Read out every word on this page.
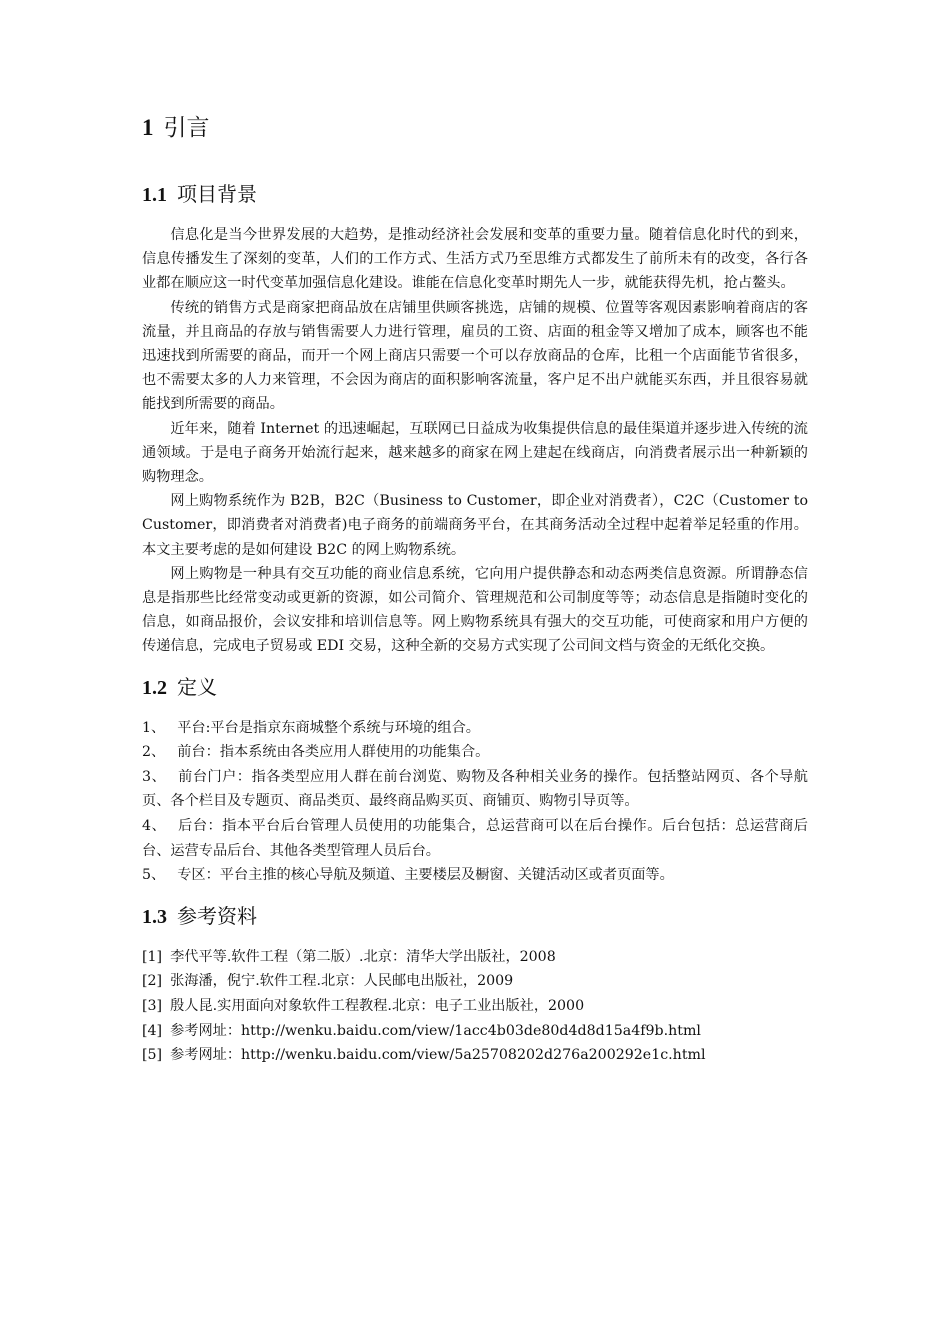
1 引言
1.1 项目背景

信息化是当今世界发展的大趋势，是推动经济社会发展和变革的重要力量。随着信息化时代的到来，信息传播发生了深刻的变革，人们的工作方式、生活方式乃至思维方式都发生了前所未有的改变，各行各业都在顺应这一时代变革加强信息化建设。谁能在信息化变革时期先人一步，就能获得先机，抢占鳌头。

传统的销售方式是商家把商品放在店铺里供顾客挑选，店铺的规模、位置等客观因素影响着商店的客流量，并且商品的存放与销售需要人力进行管理，雇员的工资、店面的租金等又增加了成本，顾客也不能迅速找到所需要的商品，而开一个网上商店只需要一个可以存放商品的仓库，比租一个店面能节省很多，也不需要太多的人力来管理，不会因为商店的面积影响客流量，客户足不出户就能买东西，并且很容易就能找到所需要的商品。

近年来，随着 Internet 的迅速崛起，互联网已日益成为收集提供信息的最佳渠道并逐步进入传统的流通领域。于是电子商务开始流行起来，越来越多的商家在网上建起在线商店，向消费者展示出一种新颖的购物理念。

网上购物系统作为 B2B，B2C（Business to Customer，即企业对消费者），C2C（Customer to Customer，即消费者对消费者)电子商务的前端商务平台，在其商务活动全过程中起着举足轻重的作用。本文主要考虑的是如何建设 B2C 的网上购物系统。

网上购物是一种具有交互功能的商业信息系统，它向用户提供静态和动态两类信息资源。所谓静态信息是指那些比经常变动或更新的资源，如公司简介、管理规范和公司制度等等；动态信息是指随时变化的信息，如商品报价，会议安排和培训信息等。网上购物系统具有强大的交互功能，可使商家和用户方便的传递信息，完成电子贸易或 EDI 交易，这种全新的交易方式实现了公司间文档与资金的无纸化交换。

1.2 定义
1、 平台:平台是指京东商城整个系统与环境的组合。
2、 前台：指本系统由各类应用人群使用的功能集合。
3、 前台门户：指各类型应用人群在前台浏览、购物及各种相关业务的操作。包括整站网页、各个导航页、各个栏目及专题页、商品类页、最终商品购买页、商铺页、购物引导页等。
4、 后台：指本平台后台管理人员使用的功能集合，总运营商可以在后台操作。后台包括：总运营商后台、运营专品后台、其他各类型管理人员后台。
5、 专区：平台主推的核心导航及频道、主要楼层及橱窗、关键活动区或者页面等。
1.3 参考资料
[1] 李代平等.软件工程（第二版）.北京：清华大学出版社，2008
[2] 张海潘，倪宁.软件工程.北京：人民邮电出版社，2009
[3] 殷人昆.实用面向对象软件工程教程.北京：电子工业出版社，2000
[4] 参考网址：http://wenku.baidu.com/view/1acc4b03de80d4d8d15a4f9b.html
[5] 参考网址：http://wenku.baidu.com/view/5a25708202d276a200292e1c.html
